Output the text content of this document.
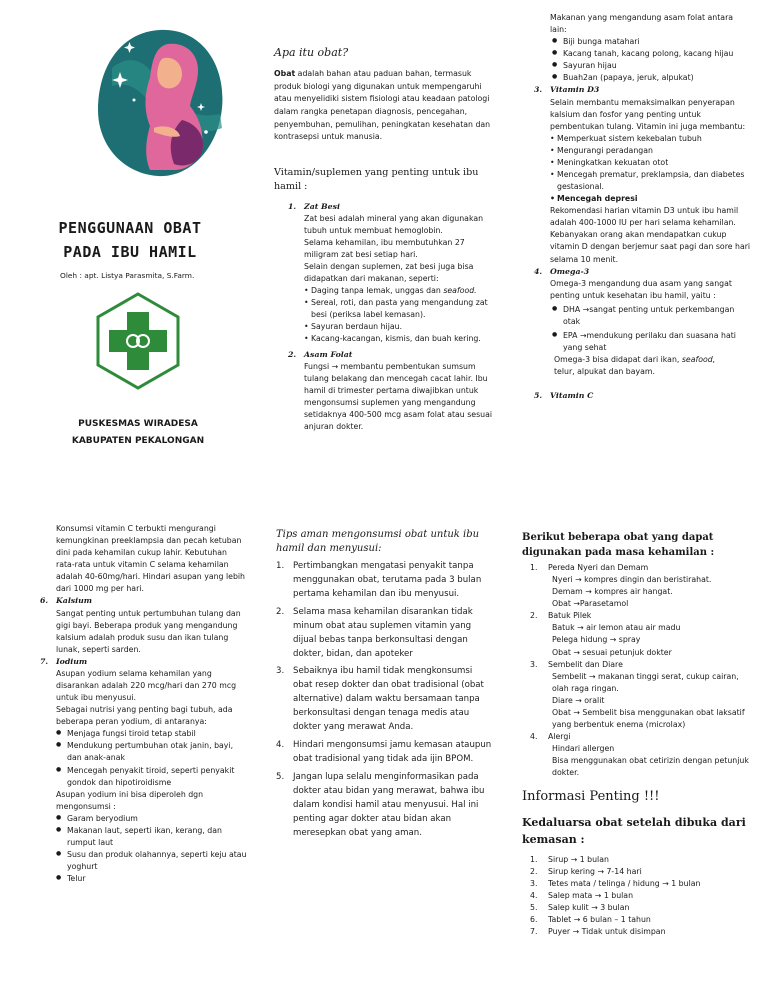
PENGGUNAAN OBAT
PADA IBU HAMIL
Oleh : apt. Listya Parasmita, S.Farm.
PUSKESMAS WIRADESA
KABUPATEN PEKALONGAN
Apa itu obat?

Obat adalah bahan atau paduan bahan, termasuk produk biologi yang digunakan untuk mempengaruhi atau menyelidiki sistem fisiologi atau keadaan patologi dalam rangka penetapan diagnosis, pencegahan, penyembuhan, pemulihan, peningkatan kesehatan dan kontrasepsi untuk manusia.

Vitamin/suplemen yang penting untuk ibu hamil :
1. Zat Besi
Zat besi adalah mineral yang akan digunakan tubuh untuk membuat hemoglobin.
Selama kehamilan, ibu membutuhkan 27 miligram zat besi setiap hari.
Selain dengan suplemen, zat besi juga bisa didapatkan dari makanan, seperti:
• Daging tanpa lemak, unggas dan seafood.
• Sereal, roti, dan pasta yang mengandung zat besi (periksa label kemasan).
• Sayuran berdaun hijau.
• Kacang-kacangan, kismis, dan buah kering.
2. Asam Folat
Fungsi → membantu pembentukan sumsum tulang belakang dan mencegah cacat lahir. Ibu hamil di trimester pertama diwajibkan untuk mengonsumsi suplemen yang mengandung setidaknya 400-500 mcg asam folat atau sesuai anjuran dokter.
Makanan yang mengandung asam folat antara lain:
● Biji bunga matahari
● Kacang tanah, kacang polong, kacang hijau
● Sayuran hijau
● Buah2an (papaya, jeruk, alpukat)
3. Vitamin D3
Selain membantu memaksimalkan penyerapan kalsium dan fosfor yang penting untuk pembentukan tulang. Vitamin ini juga membantu:
• Memperkuat sistem kekebalan tubuh
• Mengurangi peradangan
• Meningkatkan kekuatan otot
• Mencegah prematur, preklampsia, dan diabetes gestasional.
• Mencegah depresi
Rekomendasi harian vitamin D3 untuk ibu hamil adalah 400-1000 IU per hari selama kehamilan.
Kebanyakan orang akan mendapatkan cukup vitamin D dengan berjemur saat pagi dan sore hari selama 10 menit.
4. Omega-3
Omega-3 mengandung dua asam yang sangat penting untuk kesehatan ibu hamil, yaitu :
● DHA →sangat penting untuk perkembangan otak
● EPA →mendukung perilaku dan suasana hati yang sehat
Omega-3 bisa didapat dari ikan, seafood,
telur, alpukat dan bayam.
5. Vitamin C
Konsumsi vitamin C terbukti mengurangi kemungkinan preeklampsia dan pecah ketuban dini pada kehamilan cukup lahir. Kebutuhan rata-rata untuk vitamin C selama kehamilan adalah 40-60mg/hari. Hindari asupan yang lebih dari 1000 mg per hari.
6. Kalsium
Sangat penting untuk pertumbuhan tulang dan gigi bayi. Beberapa produk yang mengandung kalsium adalah produk susu dan ikan tulang lunak, seperti sarden.
7. Iodium
Asupan yodium selama kehamilan yang disarankan adalah 220 mcg/hari dan 270 mcg untuk ibu menyusui.
Sebagai nutrisi yang penting bagi tubuh, ada beberapa peran yodium, di antaranya:
● Menjaga fungsi tiroid tetap stabil
● Mendukung pertumbuhan otak janin, bayi, dan anak-anak
● Mencegah penyakit tiroid, seperti penyakit gondok dan hipotiroidisme
Asupan yodium ini bisa diperoleh dgn mengonsumsi :
● Garam beryodium
● Makanan laut, seperti ikan, kerang, dan rumput laut
● Susu dan produk olahannya, seperti keju atau yoghurt
● Telur
Tips aman mengonsumsi obat untuk ibu hamil dan menyusui:
1. Pertimbangkan mengatasi penyakit tanpa menggunakan obat, terutama pada 3 bulan pertama kehamilan dan ibu menyusui.
2. Selama masa kehamilan disarankan tidak minum obat atau suplemen vitamin yang dijual bebas tanpa berkonsultasi dengan dokter, bidan, dan apoteker
3. Sebaiknya ibu hamil tidak mengkonsumsi obat resep dokter dan obat tradisional (obat alternative) dalam waktu bersamaan tanpa berkonsultasi dengan tenaga medis atau dokter yang merawat Anda.
4. Hindari mengonsumsi jamu kemasan ataupun obat tradisional yang tidak ada ijin BPOM.
5. Jangan lupa selalu menginformasikan pada dokter atau bidan yang merawat, bahwa ibu dalam kondisi hamil atau menyusui. Hal ini penting agar dokter atau bidan akan meresepkan obat yang aman.
Berikut beberapa obat yang dapat digunakan pada masa kehamilan :
1. Pereda Nyeri dan Demam
Nyeri → kompres dingin dan beristirahat.
Demam → kompres air hangat.
Obat →Parasetamol
2. Batuk Pilek
Batuk → air lemon atau air madu
Pelega hidung → spray
Obat → sesuai petunjuk dokter
3. Sembelit dan Diare
Sembelit → makanan tinggi serat, cukup cairan, olah raga ringan.
Diare → oralit
Obat → Sembelit bisa menggunakan obat laksatif yang berbentuk enema (microlax)
4. Alergi
Hindari allergen
Bisa menggunakan obat cetirizin dengan petunjuk dokter.
Informasi Penting !!!
Kedaluarsa obat setelah dibuka dari kemasan :
1. Sirup → 1 bulan
2. Sirup kering → 7-14 hari
3. Tetes mata / telinga / hidung → 1 bulan
4. Salep mata → 1 bulan
5. Salep kulit → 3 bulan
6. Tablet → 6 bulan – 1 tahun
7. Puyer → Tidak untuk disimpan
